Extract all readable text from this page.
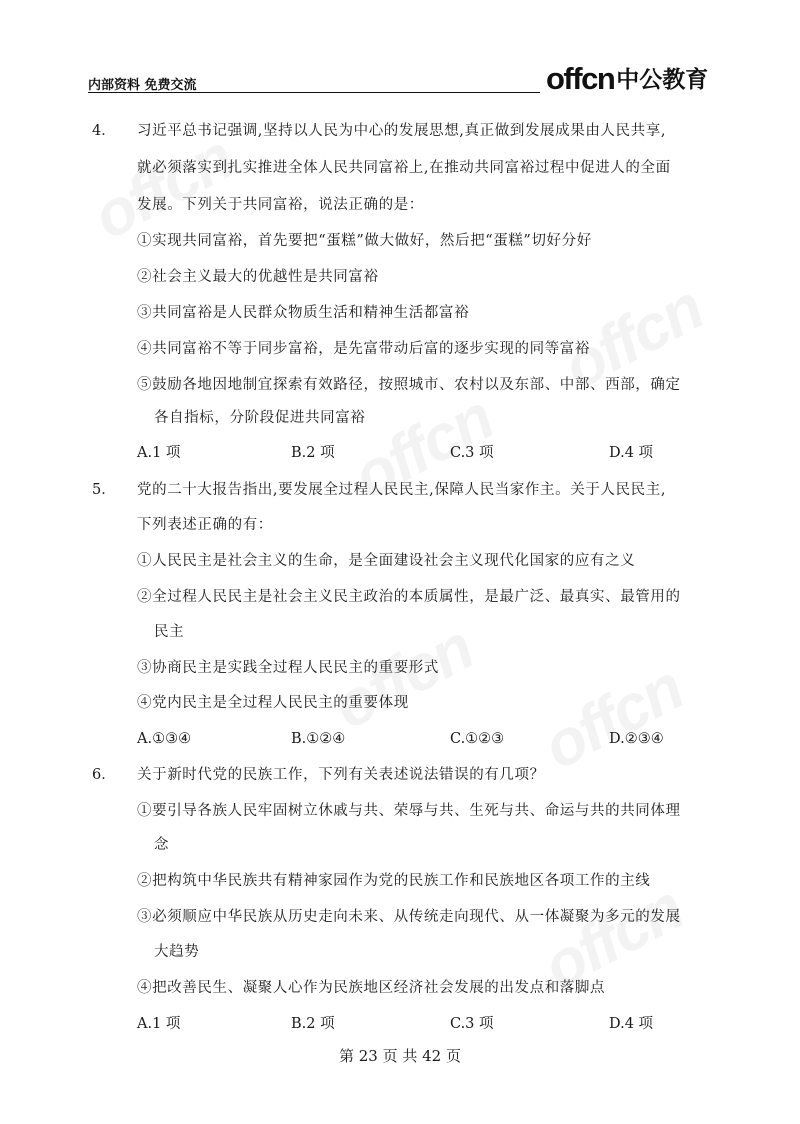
内部资料 免费交流	offcn 中公教育
4． 习近平总书记强调,坚持以人民为中心的发展思想,真正做到发展成果由人民共享,
就必须落实到扎实推进全体人民共同富裕上,在推动共同富裕过程中促进人的全面
发展。下列关于共同富裕，说法正确的是：
①实现共同富裕，首先要把“蛋糕”做大做好，然后把“蛋糕”切好分好
②社会主义最大的优越性是共同富裕
③共同富裕是人民群众物质生活和精神生活都富裕
④共同富裕不等于同步富裕，是先富带动后富的逐步实现的同等富裕
⑤鼓励各地因地制宜探索有效路径，按照城市、农村以及东部、中部、西部，确定
各自指标，分阶段促进共同富裕
A.1 项	B.2 项	C.3 项	D.4 项
5． 党的二十大报告指出,要发展全过程人民民主,保障人民当家作主。关于人民民主,
下列表述正确的有：
①人民民主是社会主义的生命，是全面建设社会主义现代化国家的应有之义
②全过程人民民主是社会主义民主政治的本质属性，是最广泛、最真实、最管用的
民主
③协商民主是实践全过程人民民主的重要形式
④党内民主是全过程人民民主的重要体现
A.①③④	B.①②④	C.①②③	D.②③④
6． 关于新时代党的民族工作，下列有关表述说法错误的有几项？
①要引导各族人民牢固树立休戚与共、荣辱与共、生死与共、命运与共的共同体理
念
②把构筑中华民族共有精神家园作为党的民族工作和民族地区各项工作的主线
③必须顺应中华民族从历史走向未来、从传统走向现代、从一体凝聚为多元的发展
大趋势
④把改善民生、凝聚人心作为民族地区经济社会发展的出发点和落脚点
A.1 项	B.2 项	C.3 项	D.4 项
第 23 页 共 42 页
